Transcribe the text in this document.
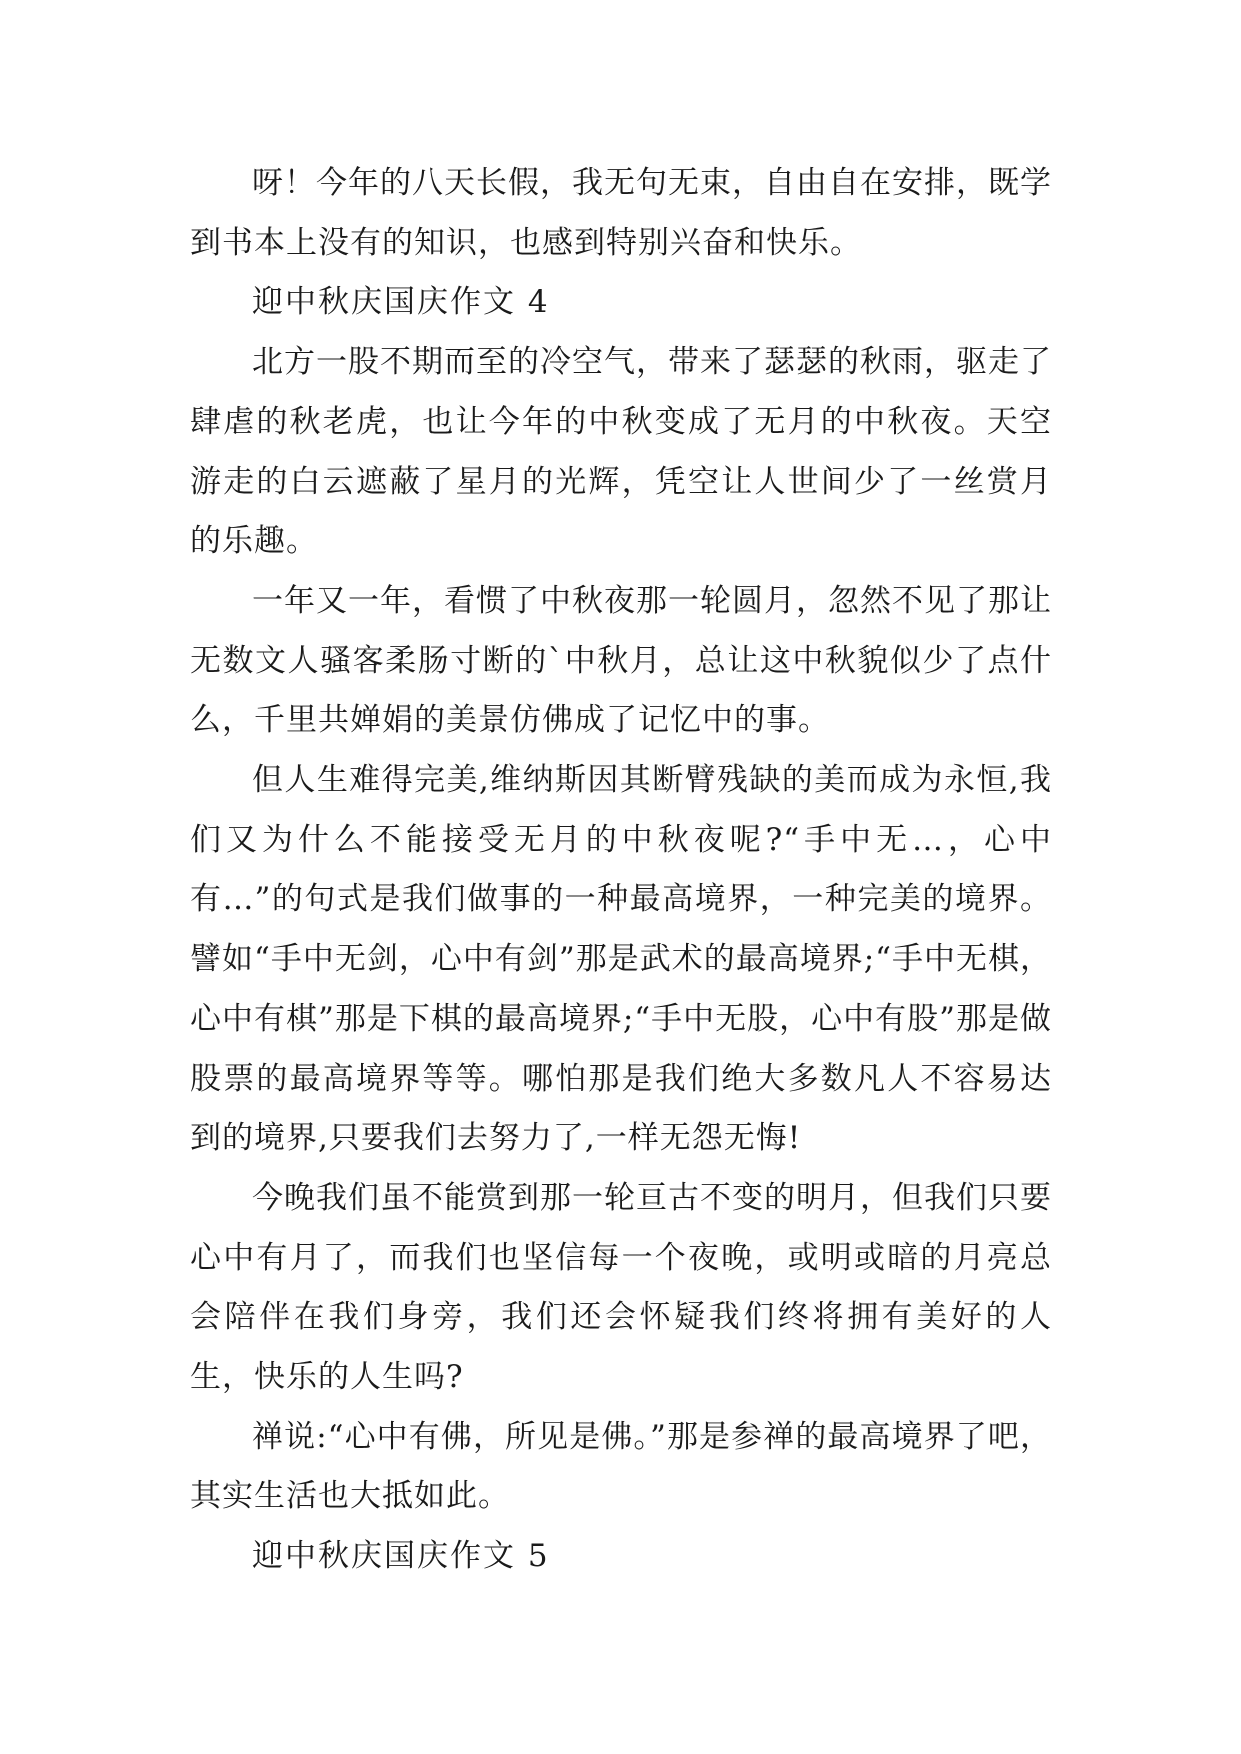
呀！今年的八天长假，我无句无束，自由自在安排，既学到书本上没有的知识，也感到特别兴奋和快乐。

迎中秋庆国庆作文 4

北方一股不期而至的冷空气，带来了瑟瑟的秋雨，驱走了肆虐的秋老虎，也让今年的中秋变成了无月的中秋夜。天空游走的白云遮蔽了星月的光辉，凭空让人世间少了一丝赏月的乐趣。

一年又一年，看惯了中秋夜那一轮圆月，忽然不见了那让无数文人骚客柔肠寸断的`中秋月，总让这中秋貌似少了点什么，千里共婵娟的美景仿佛成了记忆中的事。

但人生难得完美,维纳斯因其断臂残缺的美而成为永恒,我们又为什么不能接受无月的中秋夜呢?“手中无…，心中有…”的句式是我们做事的一种最高境界，一种完美的境界。譬如“手中无剑，心中有剑”那是武术的最高境界;“手中无棋，心中有棋”那是下棋的最高境界;“手中无股，心中有股”那是做股票的最高境界等等。哪怕那是我们绝大多数凡人不容易达到的境界,只要我们去努力了,一样无怨无悔!

今晚我们虽不能赏到那一轮亘古不变的明月，但我们只要心中有月了，而我们也坚信每一个夜晚，或明或暗的月亮总会陪伴在我们身旁，我们还会怀疑我们终将拥有美好的人生，快乐的人生吗?

禅说:“心中有佛，所见是佛。”那是参禅的最高境界了吧，其实生活也大抵如此。

迎中秋庆国庆作文 5
